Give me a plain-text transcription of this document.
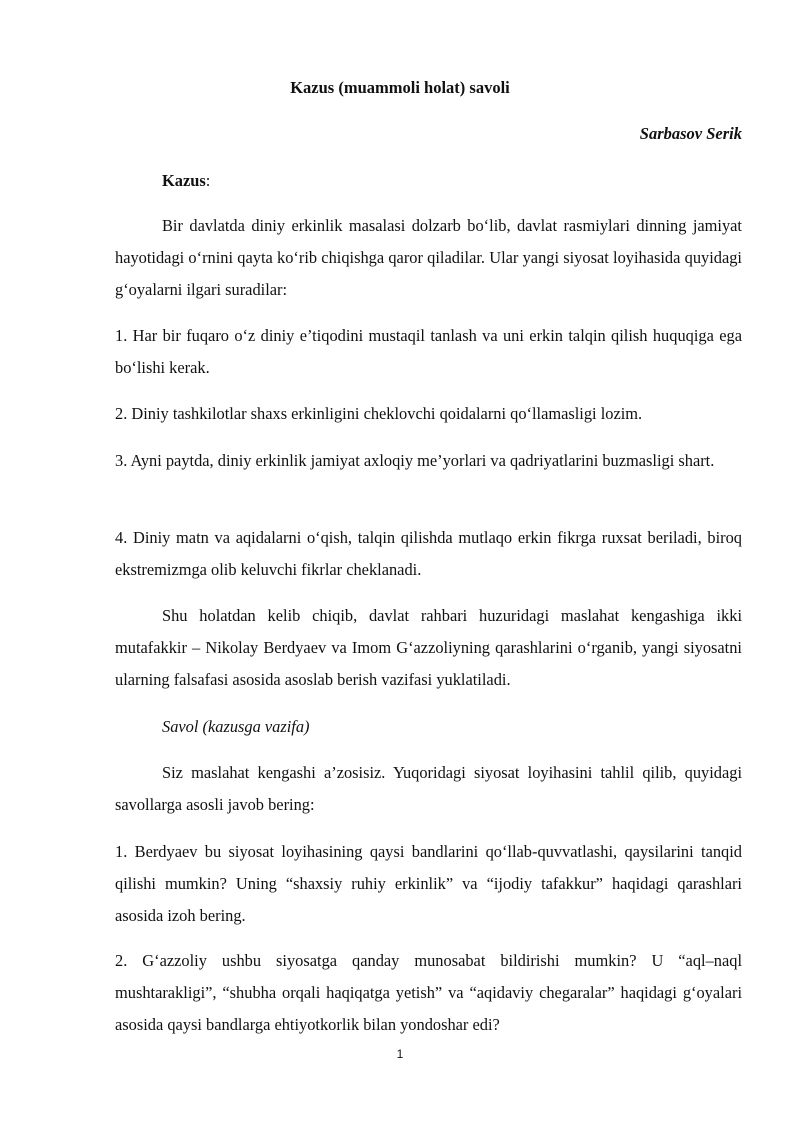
Kazus (muammoli holat) savoli

Sarbasov Serik

Kazus:

Bir davlatda diniy erkinlik masalasi dolzarb bo‘lib, davlat rasmiylari dinning jamiyat hayotidagi o‘rnini qayta ko‘rib chiqishga qaror qiladilar. Ular yangi siyosat loyihasida quyidagi g‘oyalarni ilgari suradilar:

1. Har bir fuqaro o‘z diniy e’tiqodini mustaqil tanlash va uni erkin talqin qilish huquqiga ega bo‘lishi kerak.

2. Diniy tashkilotlar shaxs erkinligini cheklovchi qoidalarni qo‘llamasligi lozim.

3. Ayni paytda, diniy erkinlik jamiyat axloqiy me’yorlari va qadriyatlarini buzmasligi shart.

4. Diniy matn va aqidalarni o‘qish, talqin qilishda mutlaqo erkin fikrga ruxsat beriladi, biroq ekstremizmga olib keluvchi fikrlar cheklanadi.

Shu holatdan kelib chiqib, davlat rahbari huzuridagi maslahat kengashiga ikki mutafakkir – Nikolay Berdyaev va Imom G‘azzoliyning qarashlarini o‘rganib, yangi siyosatni ularning falsafasi asosida asoslab berish vazifasi yuklatiladi.

Savol (kazusga vazifa)

Siz maslahat kengashi a’zosisiz. Yuqoridagi siyosat loyihasini tahlil qilib, quyidagi savollarga asosli javob bering:

1. Berdyaev bu siyosat loyihasining qaysi bandlarini qo‘llab-quvvatlashi, qaysilarini tanqid qilishi mumkin? Uning “shaxsiy ruhiy erkinlik” va “ijodiy tafakkur” haqidagi qarashlari asosida izoh bering.

2. G‘azzoliy ushbu siyosatga qanday munosabat bildirishi mumkin? U “aql–naql mushtarakligi”, “shubha orqali haqiqatga yetish” va “aqidaviy chegaralar” haqidagi g‘oyalari asosida qaysi bandlarga ehtiyotkorlik bilan yondoshar edi?

1
